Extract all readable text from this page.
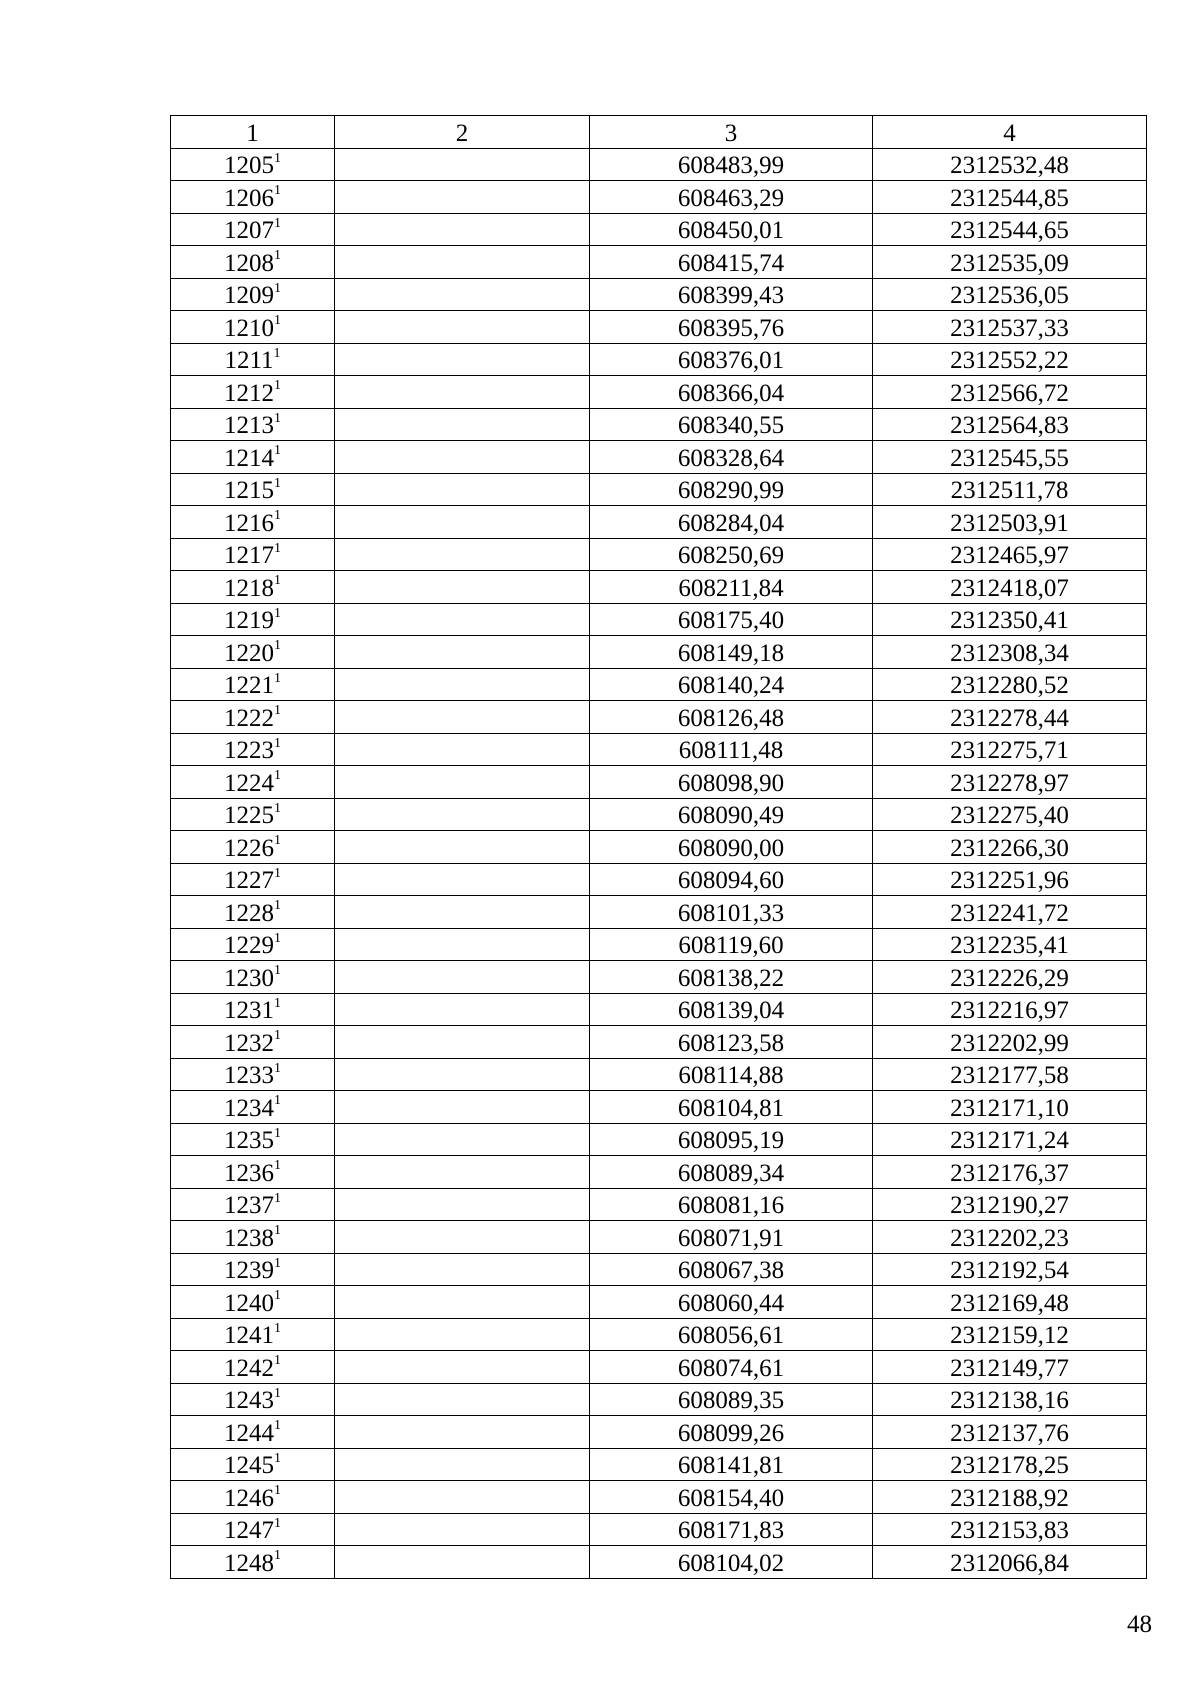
1	2	3	4
1205$^1$		608483,99	2312532,48
1206$^1$		608463,29	2312544,85
1207$^1$		608450,01	2312544,65
1208$^1$		608415,74	2312535,09
1209$^1$		608399,43	2312536,05
1210$^1$		608395,76	2312537,33
1211$^1$		608376,01	2312552,22
1212$^1$		608366,04	2312566,72
1213$^1$		608340,55	2312564,83
1214$^1$		608328,64	2312545,55
1215$^1$		608290,99	2312511,78
1216$^1$		608284,04	2312503,91
1217$^1$		608250,69	2312465,97
1218$^1$		608211,84	2312418,07
1219$^1$		608175,40	2312350,41
1220$^1$		608149,18	2312308,34
1221$^1$		608140,24	2312280,52
1222$^1$		608126,48	2312278,44
1223$^1$		608111,48	2312275,71
1224$^1$		608098,90	2312278,97
1225$^1$		608090,49	2312275,40
1226$^1$		608090,00	2312266,30
1227$^1$		608094,60	2312251,96
1228$^1$		608101,33	2312241,72
1229$^1$		608119,60	2312235,41
1230$^1$		608138,22	2312226,29
1231$^1$		608139,04	2312216,97
1232$^1$		608123,58	2312202,99
1233$^1$		608114,88	2312177,58
1234$^1$		608104,81	2312171,10
1235$^1$		608095,19	2312171,24
1236$^1$		608089,34	2312176,37
1237$^1$		608081,16	2312190,27
1238$^1$		608071,91	2312202,23
1239$^1$		608067,38	2312192,54
1240$^1$		608060,44	2312169,48
1241$^1$		608056,61	2312159,12
1242$^1$		608074,61	2312149,77
1243$^1$		608089,35	2312138,16
1244$^1$		608099,26	2312137,76
1245$^1$		608141,81	2312178,25
1246$^1$		608154,40	2312188,92
1247$^1$		608171,83	2312153,83
1248$^1$		608104,02	2312066,84
48
